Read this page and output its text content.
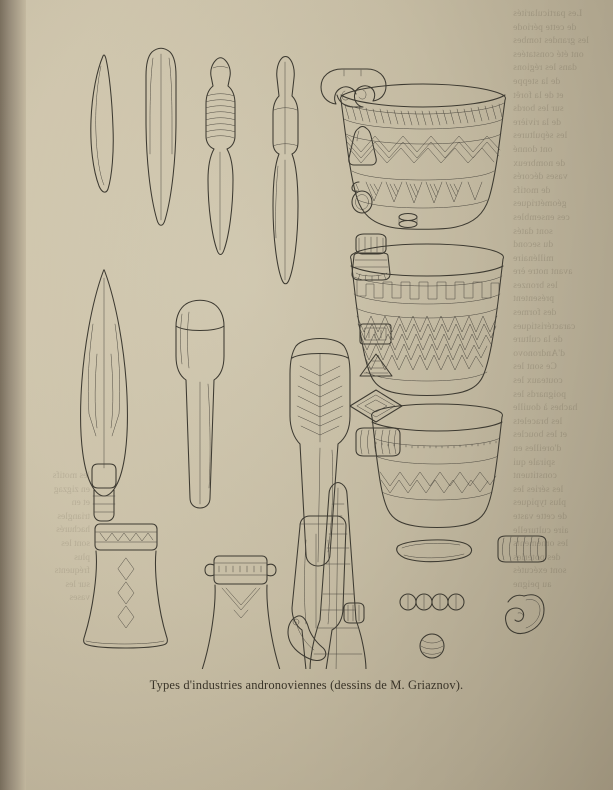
Les particularités
de cette période
les grandes tombes
ont été constatées
dans les régions
de la steppe
et de la forêt
sur les bords
de la rivière
les sépultures
ont donné
de nombreux
vases décorés
de motifs
géométriques
ces ensembles
sont datés
du second
millénaire
avant notre ère
les bronzes
présentent
des formes
caractéristiques
de la culture
d'Andronovo
Ce sont les
couteaux les
poignards les
haches à douille
les bracelets
et les boucles
d'oreilles en
spirale qui
constituent
les séries les
plus typiques
de cette vaste
aire culturelle
les ornements
des poteries
sont exécutés
au peigne
les motifs
en zigzag
et en
triangles
hachurés
sont les
plus
fréquents
sur les
vases
Types d'industries andronoviennes (dessins de M. Griaznov).
